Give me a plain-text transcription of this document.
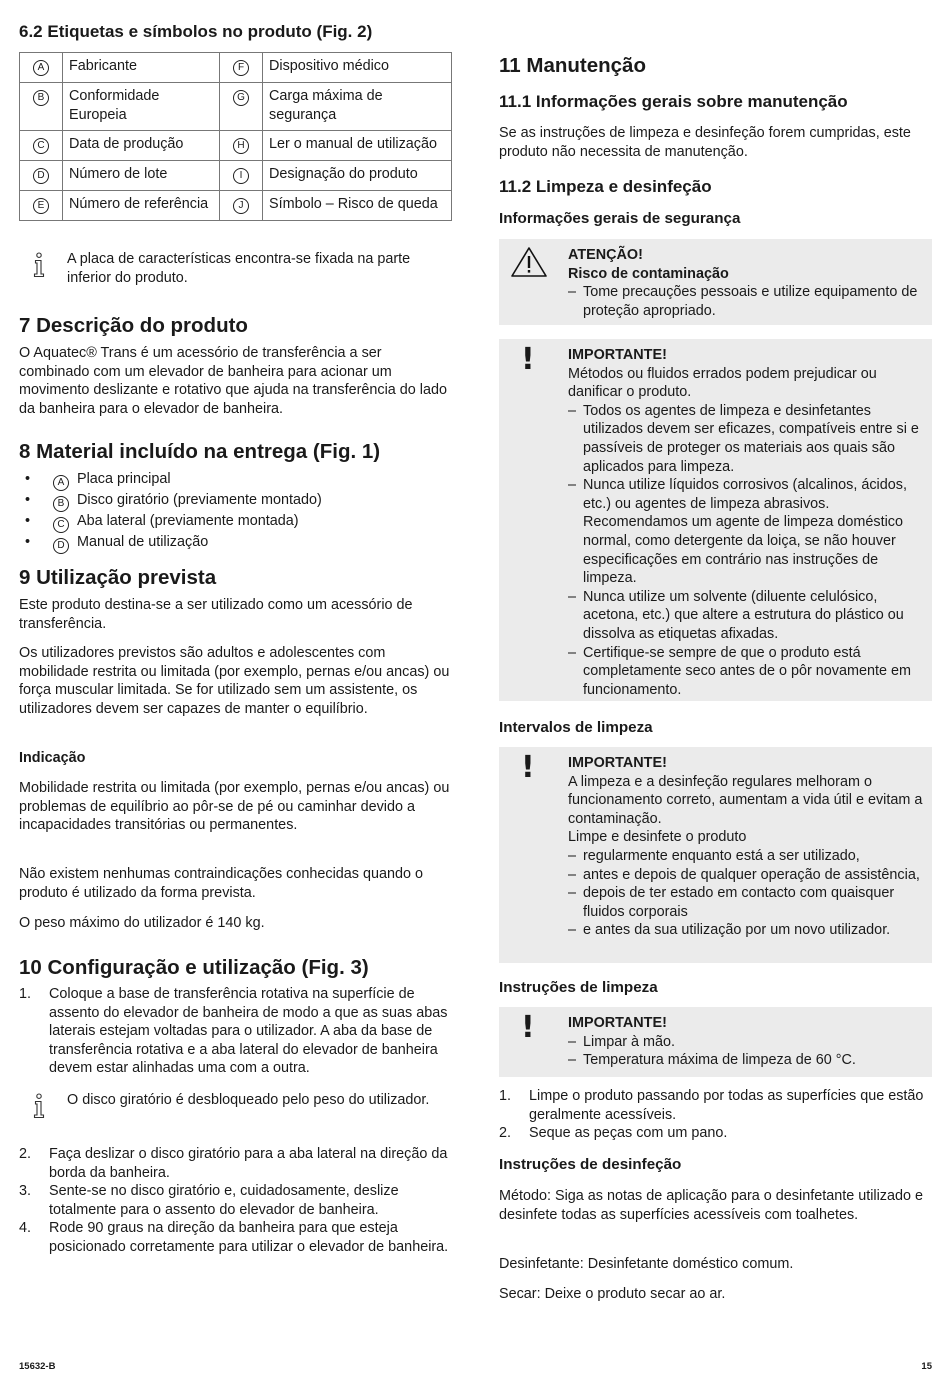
6.2 Etiquetas e símbolos no produto (Fig. 2)
A	Fabricante	F	Dispositivo médico
B	Conformidade Europeia	G	Carga máxima de segurança
C	Data de produção	H	Ler o manual de utilização
D	Número de lote	I	Designação do produto
E	Número de referência	J	Símbolo – Risco de queda

A placa de características encontra-se fixada na parte inferior do produto.

7 Descrição do produto

O Aquatec® Trans é um acessório de transferência a ser combinado com um elevador de banheira para acionar um movimento deslizante e rotativo que ajuda na transferência do lado da banheira para o elevador de banheira.

8 Material incluído na entrega (Fig. 1)
• A Placa principal
• B Disco giratório (previamente montado)
• C Aba lateral (previamente montada)
• D Manual de utilização
9 Utilização prevista

Este produto destina-se a ser utilizado como um acessório de transferência.

Os utilizadores previstos são adultos e adolescentes com mobilidade restrita ou limitada (por exemplo, pernas e/ou ancas) ou força muscular limitada. Se for utilizado sem um assistente, os utilizadores devem ser capazes de manter o equilíbrio.

Indicação

Mobilidade restrita ou limitada (por exemplo, pernas e/ou ancas) ou problemas de equilíbrio ao pôr-se de pé ou caminhar devido a incapacidades transitórias ou permanentes.

Não existem nenhumas contraindicações conhecidas quando o produto é utilizado da forma prevista.

O peso máximo do utilizador é 140 kg.

10 Configuração e utilização (Fig. 3)
1. Coloque a base de transferência rotativa na superfície de assento do elevador de banheira de modo a que as suas abas laterais estejam voltadas para o utilizador. A aba da base de transferência rotativa e a aba lateral do elevador de banheira devem estar alinhadas uma com a outra.

O disco giratório é desbloqueado pelo peso do utilizador.

2. Faça deslizar o disco giratório para a aba lateral na direção da borda da banheira.
3. Sente-se no disco giratório e, cuidadosamente, deslize totalmente para o assento do elevador de banheira.
4. Rode 90 graus na direção da banheira para que esteja posicionado corretamente para utilizar o elevador de banheira.
11 Manutenção
11.1 Informações gerais sobre manutenção

Se as instruções de limpeza e desinfeção forem cumpridas, este produto não necessita de manutenção.

11.2 Limpeza e desinfeção
Informações gerais de segurança
ATENÇÃO!
Risco de contaminação
– Tome precauções pessoais e utilize equipamento de proteção apropriado.
! IMPORTANTE!
Métodos ou fluidos errados podem prejudicar ou danificar o produto.
– Todos os agentes de limpeza e desinfetantes utilizados devem ser eficazes, compatíveis entre si e passíveis de proteger os materiais aos quais são aplicados para limpeza.
– Nunca utilize líquidos corrosivos (alcalinos, ácidos, etc.) ou agentes de limpeza abrasivos. Recomendamos um agente de limpeza doméstico normal, como detergente da loiça, se não houver especificações em contrário nas instruções de limpeza.
– Nunca utilize um solvente (diluente celulósico, acetona, etc.) que altere a estrutura do plástico ou dissolva as etiquetas afixadas.
– Certifique-se sempre de que o produto está completamente seco antes de o pôr novamente em funcionamento.
Intervalos de limpeza
! IMPORTANTE!
A limpeza e a desinfeção regulares melhoram o funcionamento correto, aumentam a vida útil e evitam a contaminação.
Limpe e desinfete o produto
– regularmente enquanto está a ser utilizado,
– antes e depois de qualquer operação de assistência,
– depois de ter estado em contacto com quaisquer fluidos corporais
– e antes da sua utilização por um novo utilizador.
Instruções de limpeza
! IMPORTANTE!
– Limpar à mão.
– Temperatura máxima de limpeza de 60 °C.
1. Limpe o produto passando por todas as superfícies que estão geralmente acessíveis.
2. Seque as peças com um pano.
Instruções de desinfeção

Método: Siga as notas de aplicação para o desinfetante utilizado e desinfete todas as superfícies acessíveis com toalhetes.

Desinfetante: Desinfetante doméstico comum.

Secar: Deixe o produto secar ao ar.

15632-B	15
